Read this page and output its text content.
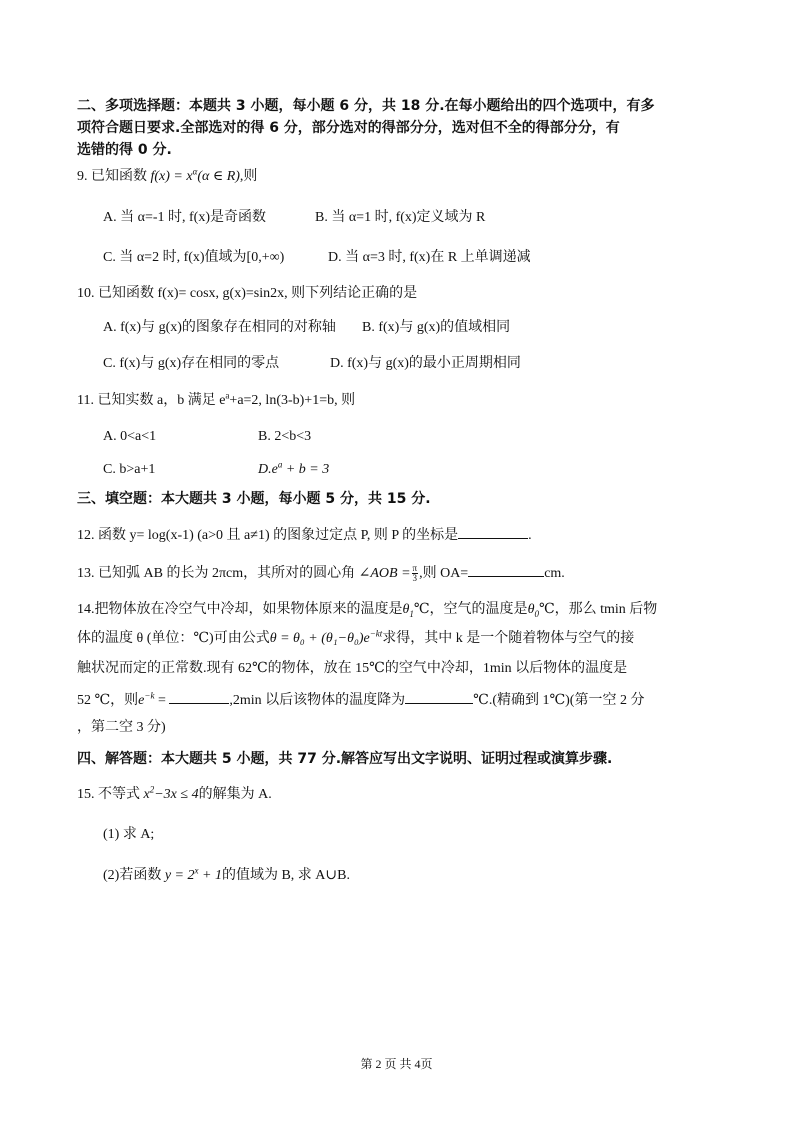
二、多项选择题：本题共 3 小题，每小题 6 分，共 18 分.在每小题给出的四个选项中，有多
项符合题日要求.全部选对的得 6 分，部分选对的得部分分，选对但不全的得部分分，有
选错的得 0 分.
9. 已知函数 $f(x) = x^\alpha(\alpha$ ∈ R),则
A. 当 α=-1 时, f(x)是奇函数	B. 当 α=1 时, f(x)定义域为 R
C. 当 α=2 时, f(x)值域为[0,+∞)	D. 当 α=3 时, f(x)在 R 上单调递减
10. 已知函数 f(x)= cosx, g(x)=sin2x, 则下列结论正确的是
A. f(x)与 g(x)的图象存在相同的对称轴 B. f(x)与 g(x)的值域相同
C. f(x)与 g(x)存在相同的零点	D. f(x)与 g(x)的最小正周期相同
11. 已知实数 a，b 满足 $e^a+a=2$, ln(3-b)+1=b, 则
A. 0<a<1	B. 2<b<3
C. b>a+1	$D.e^a + b = 3$
三、填空题：本大题共 3 小题，每小题 5 分，共 15 分.
12. 函数 y= log(x-1) (a>0 且 a≠1) 的图象过定点 P, 则 P 的坐标是	.
13. 已知弧 AB 的长为 2πcm，其所对的圆心角 ∠AOB = $\frac{\pi}{3}$ ,则 OA=	cm.
14.把物体放在冷空气中冷却，如果物体原来的温度是$\theta_1℃$，空气的温度是$\theta_0℃$，那么 tmin 后物
体的温度 θ (单位：℃)可由公式$\theta = \theta_0 + (\theta_1-\theta_0)e^{-kt}$求得，其中 k 是一个随着物体与空气的接
触状况而定的正常数.现有 62℃的物体，放在 15℃的空气中冷却，1min 以后物体的温度是
52 ℃，则$e^{-k}$ =	,2min 以后该物体的温度降为	℃.(精确到 1℃)(第一空 2 分
，第二空 3 分)
四、解答题：本大题共 5 小题，共 77 分.解答应写出文字说明、证明过程或演算步骤.
15. 不等式 $x^2-3x \le 4$的解集为 A.
(1) 求 A;
(2)若函数 $y = 2^x + 1$的值域为 B, 求 A∪B.
第 2 页 共 4页
